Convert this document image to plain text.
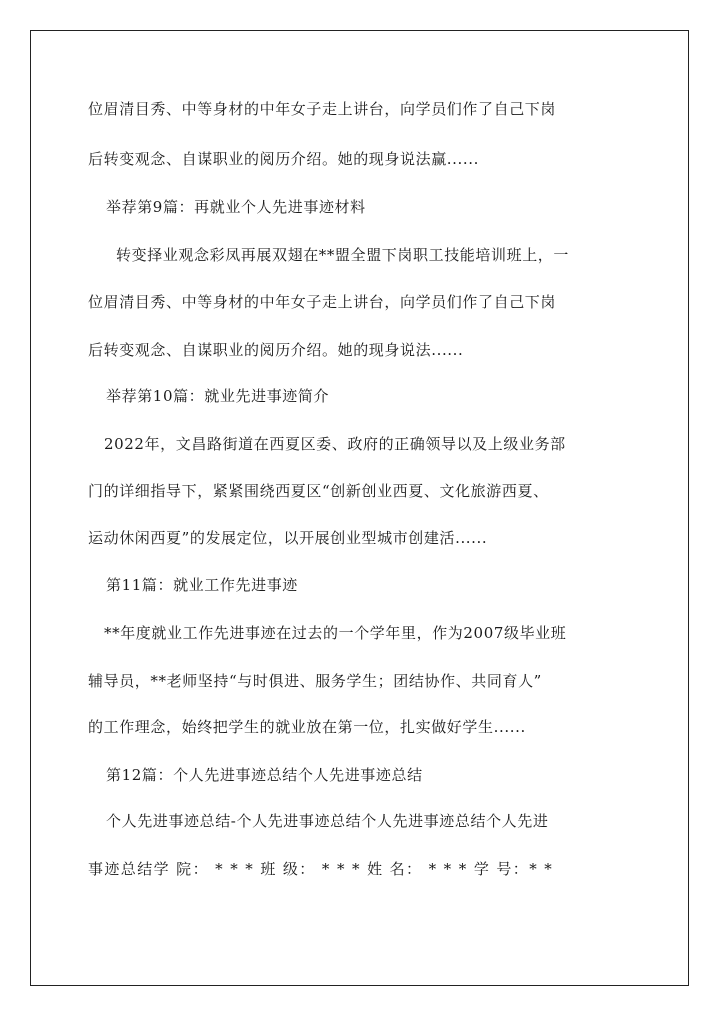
位眉清目秀、中等身材的中年女子走上讲台，向学员们作了自己下岗
后转变观念、自谋职业的阅历介绍。她的现身说法赢......
举荐第9篇：再就业个人先进事迹材料
转变择业观念彩凤再展双翅在**盟全盟下岗职工技能培训班上，一
位眉清目秀、中等身材的中年女子走上讲台，向学员们作了自己下岗
后转变观念、自谋职业的阅历介绍。她的现身说法......
举荐第10篇：就业先进事迹简介
2022年，文昌路街道在西夏区委、政府的正确领导以及上级业务部
门的详细指导下，紧紧围绕西夏区“创新创业西夏、文化旅游西夏、
运动休闲西夏”的发展定位，以开展创业型城市创建活......
第11篇：就业工作先进事迹
**年度就业工作先进事迹在过去的一个学年里，作为2007级毕业班
辅导员，**老师坚持“与时俱进、服务学生；团结协作、共同育人”
的工作理念，始终把学生的就业放在第一位，扎实做好学生......
第12篇：个人先进事迹总结个人先进事迹总结
个人先进事迹总结-个人先进事迹总结个人先进事迹总结个人先进
事迹总结学 院： * * * 班 级： * * * 姓 名： * * * 学 号：* *
